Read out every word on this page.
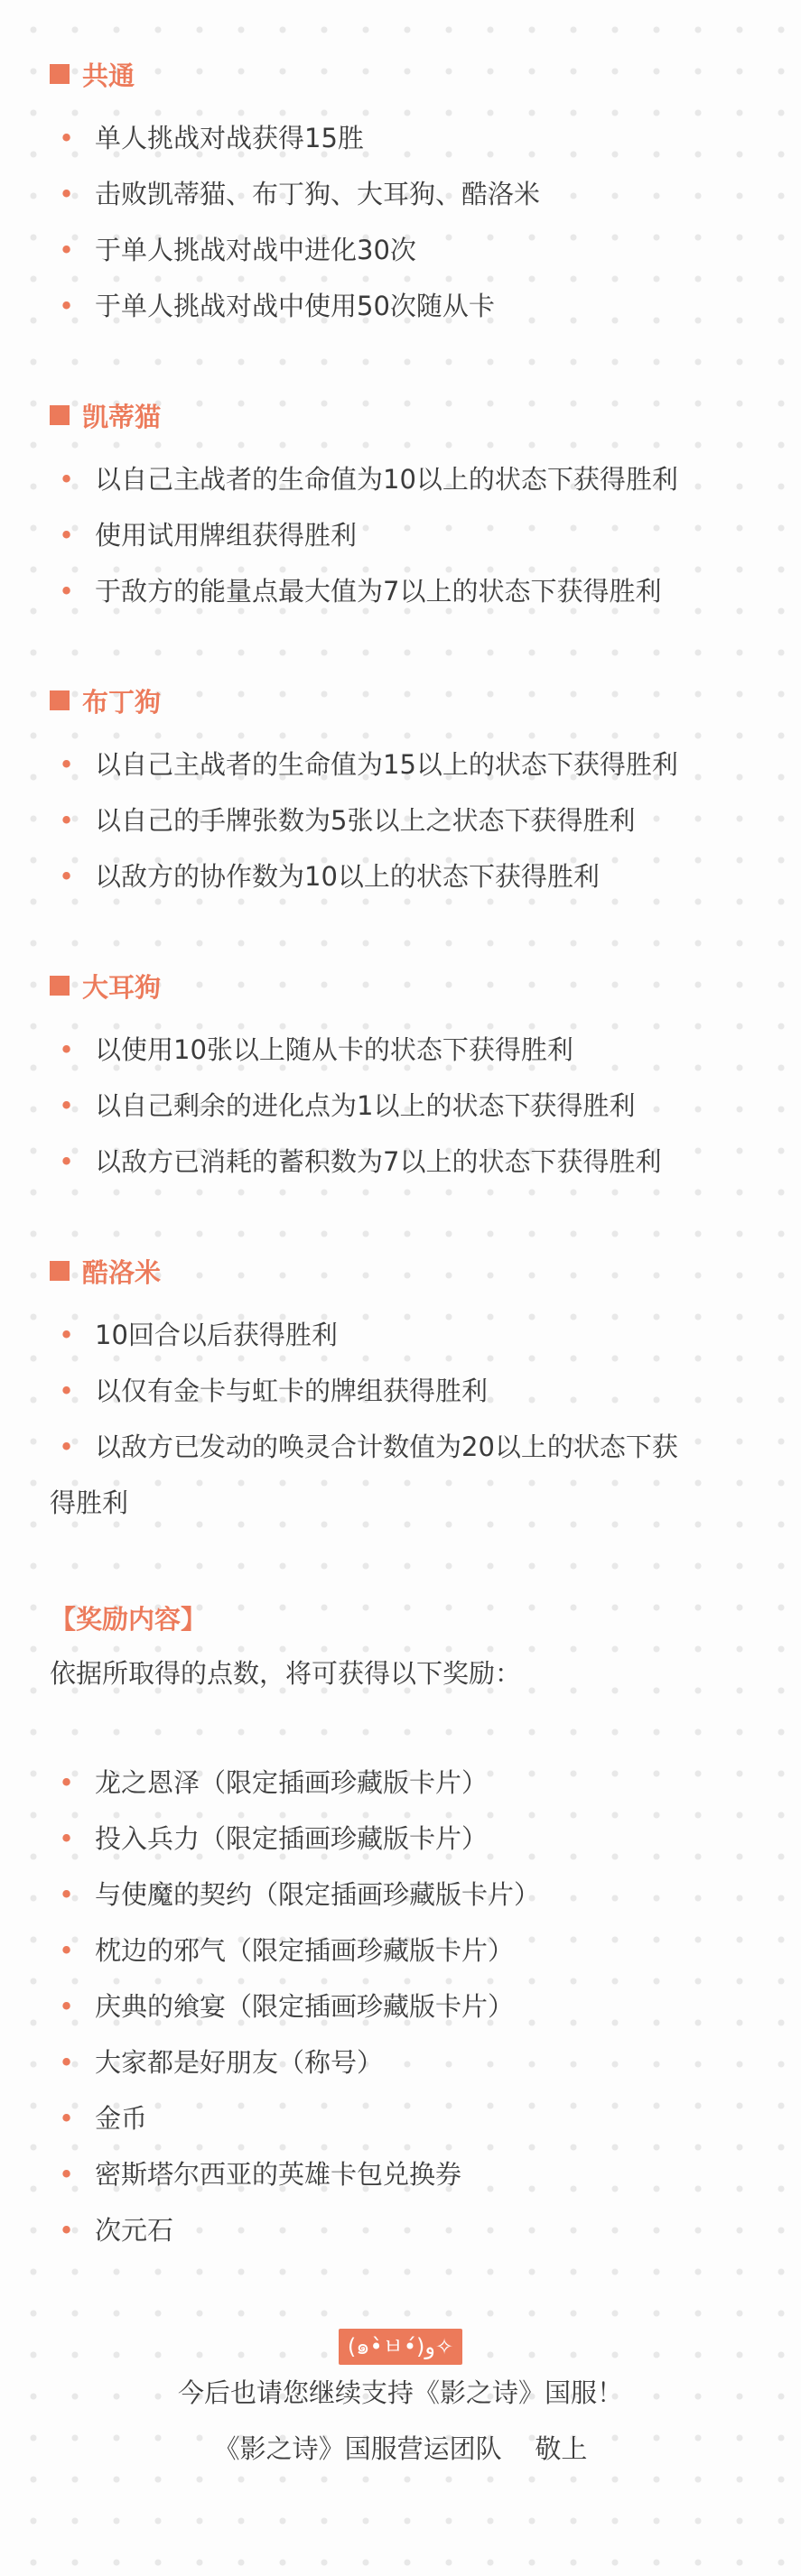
共通
• 单人挑战对战获得15胜
• 击败凯蒂猫、布丁狗、大耳狗、酷洛米
• 于单人挑战对战中进化30次
• 于单人挑战对战中使用50次随从卡
凯蒂猫
• 以自己主战者的生命值为10以上的状态下获得胜利
• 使用试用牌组获得胜利
• 于敌方的能量点最大值为7以上的状态下获得胜利
布丁狗
• 以自己主战者的生命值为15以上的状态下获得胜利
• 以自己的手牌张数为5张以上之状态下获得胜利
• 以敌方的协作数为10以上的状态下获得胜利
大耳狗
• 以使用10张以上随从卡的状态下获得胜利
• 以自己剩余的进化点为1以上的状态下获得胜利
• 以敌方已消耗的蓄积数为7以上的状态下获得胜利
酷洛米
• 10回合以后获得胜利
• 以仅有金卡与虹卡的牌组获得胜利
• 以敌方已发动的唤灵合计数值为20以上的状态下获
得胜利
【奖励内容】
依据所取得的点数，将可获得以下奖励：
• 龙之恩泽（限定插画珍藏版卡片）
• 投入兵力（限定插画珍藏版卡片）
• 与使魔的契约（限定插画珍藏版卡片）
• 枕边的邪气（限定插画珍藏版卡片）
• 庆典的飨宴（限定插画珍藏版卡片）
• 大家都是好朋友（称号）
• 金币
• 密斯塔尔西亚的英雄卡包兑换券
• 次元石
(๑•̀ㅂ•́)و✧
今后也请您继续支持《影之诗》国服！
《影之诗》国服营运团队    敬上
